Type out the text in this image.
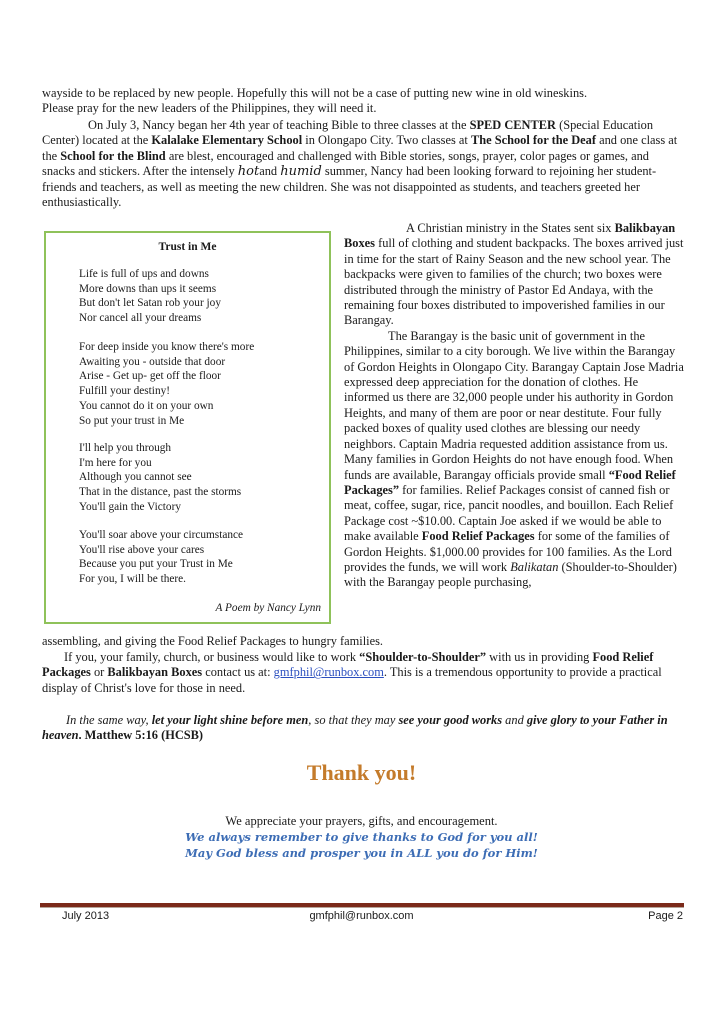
wayside to be replaced by new people. Hopefully this will not be a case of putting new wine in old wineskins.
Please pray for the new leaders of the Philippines, they will need it.

On July 3, Nancy began her 4th year of teaching Bible to three classes at the SPED CENTER (Special Education Center) located at the Kalalake Elementary School in Olongapo City. Two classes at The School for the Deaf and one class at the School for the Blind are blest, encouraged and challenged with Bible stories, songs, prayer, color pages or games, and snacks and stickers. After the intensely hotand humid summer, Nancy had been looking forward to rejoining her student-friends and teachers, as well as meeting the new children. She was not disappointed as students, and teachers greeted her enthusiastically.

Trust in Me

Life is full of ups and downs
More downs than ups it seems
But don't let Satan rob your joy
Nor cancel all your dreams

For deep inside you know there's more
Awaiting you - outside that door
Arise - Get up- get off the floor
Fulfill your destiny!
You cannot do it on your own
So put your trust in Me

I'll help you through
I'm here for you
Although you cannot see
That in the distance, past the storms
You'll gain the Victory

You'll soar above your circumstance
You'll rise above your cares
Because you put your Trust in Me
For you, I will be there.

A Poem by Nancy Lynn

A Christian ministry in the States sent six Balikbayan Boxes full of clothing and student backpacks. The boxes arrived just in time for the start of Rainy Season and the new school year. The backpacks were given to families of the church; two boxes were distributed through the ministry of Pastor Ed Andaya, with the remaining four boxes distributed to impoverished families in our Barangay.

The Barangay is the basic unit of government in the Philippines, similar to a city borough. We live within the Barangay of Gordon Heights in Olongapo City. Barangay Captain Jose Madria expressed deep appreciation for the donation of clothes. He informed us there are 32,000 people under his authority in Gordon Heights, and many of them are poor or near destitute. Four fully packed boxes of quality used clothes are blessing our needy neighbors. Captain Madria requested addition assistance from us. Many families in Gordon Heights do not have enough food. When funds are available, Barangay officials provide small “Food Relief Packages” for families. Relief Packages consist of canned fish or meat, coffee, sugar, rice, pancit noodles, and bouillon. Each Relief Package cost ~$10.00. Captain Joe asked if we would be able to make available Food Relief Packages for some of the families of Gordon Heights. $1,000.00 provides for 100 families. As the Lord provides the funds, we will work Balikatan (Shoulder-to-Shoulder) with the Barangay people purchasing,

assembling, and giving the Food Relief Packages to hungry families.

If you, your family, church, or business would like to work “Shoulder-to-Shoulder” with us in providing Food Relief Packages or Balikbayan Boxes contact us at: gmfphil@runbox.com. This is a tremendous opportunity to provide a practical display of Christ's love for those in need.

In the same way, let your light shine before men, so that they may see your good works and give glory to your Father in heaven. Matthew 5:16 (HCSB)

Thank you!
We appreciate your prayers, gifts, and encouragement.
We always remember to give thanks to God for you all!
May God bless and prosper you in ALL you do for Him!
July 2013	gmfphil@runbox.com	Page 2
